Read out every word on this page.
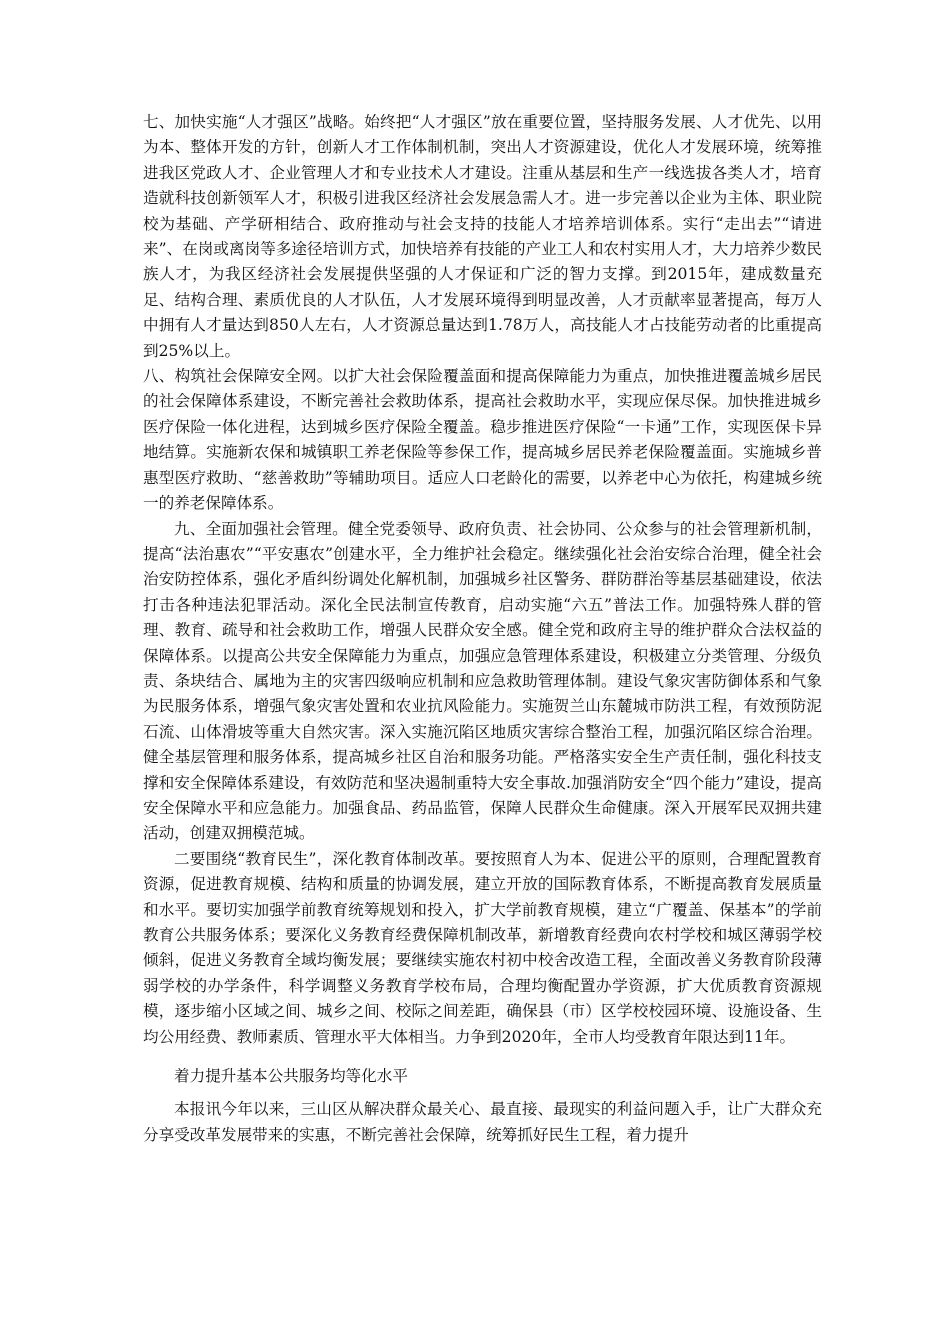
七、加快实施“人才强区”战略。始终把“人才强区”放在重要位置，坚持服务发展、人才优先、以用为本、整体开发的方针，创新人才工作体制机制，突出人才资源建设，优化人才发展环境，统筹推进我区党政人才、企业管理人才和专业技术人才建设。注重从基层和生产一线选拔各类人才，培育造就科技创新领军人才，积极引进我区经济社会发展急需人才。进一步完善以企业为主体、职业院校为基础、产学研相结合、政府推动与社会支持的技能人才培养培训体系。实行“走出去”“请进来”、在岗或离岗等多途径培训方式，加快培养有技能的产业工人和农村实用人才，大力培养少数民族人才，为我区经济社会发展提供坚强的人才保证和广泛的智力支撑。到2015年，建成数量充足、结构合理、素质优良的人才队伍，人才发展环境得到明显改善，人才贡献率显著提高，每万人中拥有人才量达到850人左右，人才资源总量达到1.78万人，高技能人才占技能劳动者的比重提高到25%以上。

八、构筑社会保障安全网。以扩大社会保险覆盖面和提高保障能力为重点，加快推进覆盖城乡居民的社会保障体系建设，不断完善社会救助体系，提高社会救助水平，实现应保尽保。加快推进城乡医疗保险一体化进程，达到城乡医疗保险全覆盖。稳步推进医疗保险“一卡通”工作，实现医保卡异地结算。实施新农保和城镇职工养老保险等参保工作，提高城乡居民养老保险覆盖面。实施城乡普惠型医疗救助、“慈善救助”等辅助项目。适应人口老龄化的需要，以养老中心为依托，构建城乡统一的养老保障体系。

九、全面加强社会管理。健全党委领导、政府负责、社会协同、公众参与的社会管理新机制，提高“法治惠农”“平安惠农”创建水平，全力维护社会稳定。继续强化社会治安综合治理，健全社会治安防控体系，强化矛盾纠纷调处化解机制，加强城乡社区警务、群防群治等基层基础建设，依法打击各种违法犯罪活动。深化全民法制宣传教育，启动实施“六五”普法工作。加强特殊人群的管理、教育、疏导和社会救助工作，增强人民群众安全感。健全党和政府主导的维护群众合法权益的保障体系。以提高公共安全保障能力为重点，加强应急管理体系建设，积极建立分类管理、分级负责、条块结合、属地为主的灾害四级响应机制和应急救助管理体制。建设气象灾害防御体系和气象为民服务体系，增强气象灾害处置和农业抗风险能力。实施贺兰山东麓城市防洪工程，有效预防泥石流、山体滑坡等重大自然灾害。深入实施沉陷区地质灾害综合整治工程，加强沉陷区综合治理。健全基层管理和服务体系，提高城乡社区自治和服务功能。严格落实安全生产责任制，强化科技支撑和安全保障体系建设，有效防范和坚决遏制重特大安全事故.加强消防安全“四个能力”建设，提高安全保障水平和应急能力。加强食品、药品监管，保障人民群众生命健康。深入开展军民双拥共建活动，创建双拥模范城。

二要围绕“教育民生”，深化教育体制改革。要按照育人为本、促进公平的原则，合理配置教育资源，促进教育规模、结构和质量的协调发展，建立开放的国际教育体系，不断提高教育发展质量和水平。要切实加强学前教育统筹规划和投入，扩大学前教育规模，建立“广覆盖、保基本”的学前教育公共服务体系；要深化义务教育经费保障机制改革，新增教育经费向农村学校和城区薄弱学校倾斜，促进义务教育全域均衡发展；要继续实施农村初中校舍改造工程，全面改善义务教育阶段薄弱学校的办学条件，科学调整义务教育学校布局，合理均衡配置办学资源，扩大优质教育资源规模，逐步缩小区域之间、城乡之间、校际之间差距，确保县（市）区学校校园环境、设施设备、生均公用经费、教师素质、管理水平大体相当。力争到2020年，全市人均受教育年限达到11年。

着力提升基本公共服务均等化水平

本报讯今年以来，三山区从解决群众最关心、最直接、最现实的利益问题入手，让广大群众充分享受改革发展带来的实惠，不断完善社会保障，统筹抓好民生工程，着力提升
